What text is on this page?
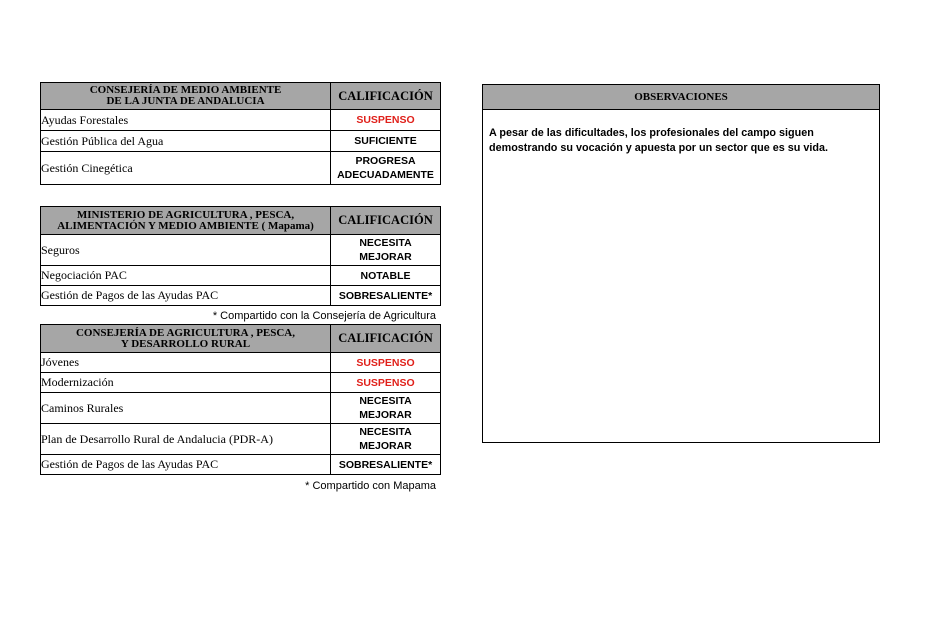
CONSEJERÍA DE MEDIO AMBIENTE
DE LA JUNTA DE ANDALUCIA	CALIFICACIÓN
Ayudas Forestales	SUSPENSO

Gestión Pública del Agua	SUFICIENTE

Gestión Cinegética	PROGRESA
ADECUADAMENTE
MINISTERIO DE AGRICULTURA , PESCA,
ALIMENTACIÓN Y MEDIO AMBIENTE ( Mapama)	CALIFICACIÓN
Seguros	NECESITA
MEJORAR

Negociación PAC	NOTABLE

Gestión de Pagos de las Ayudas PAC	SOBRESALIENTE*
* Compartido con la Consejería de Agricultura
CONSEJERÍA DE AGRICULTURA , PESCA,
Y DESARROLLO RURAL	CALIFICACIÓN
Jóvenes	SUSPENSO

Modernización	SUSPENSO

Caminos Rurales	NECESITA
MEJORAR

Plan de Desarrollo Rural de Andalucia (PDR-A)	NECESITA
MEJORAR

Gestión de Pagos de las Ayudas PAC	SOBRESALIENTE*
* Compartido con Mapama
OBSERVACIONES
A pesar de las dificultades, los profesionales del campo siguen demostrando su vocación y apuesta por un sector que es su vida.
